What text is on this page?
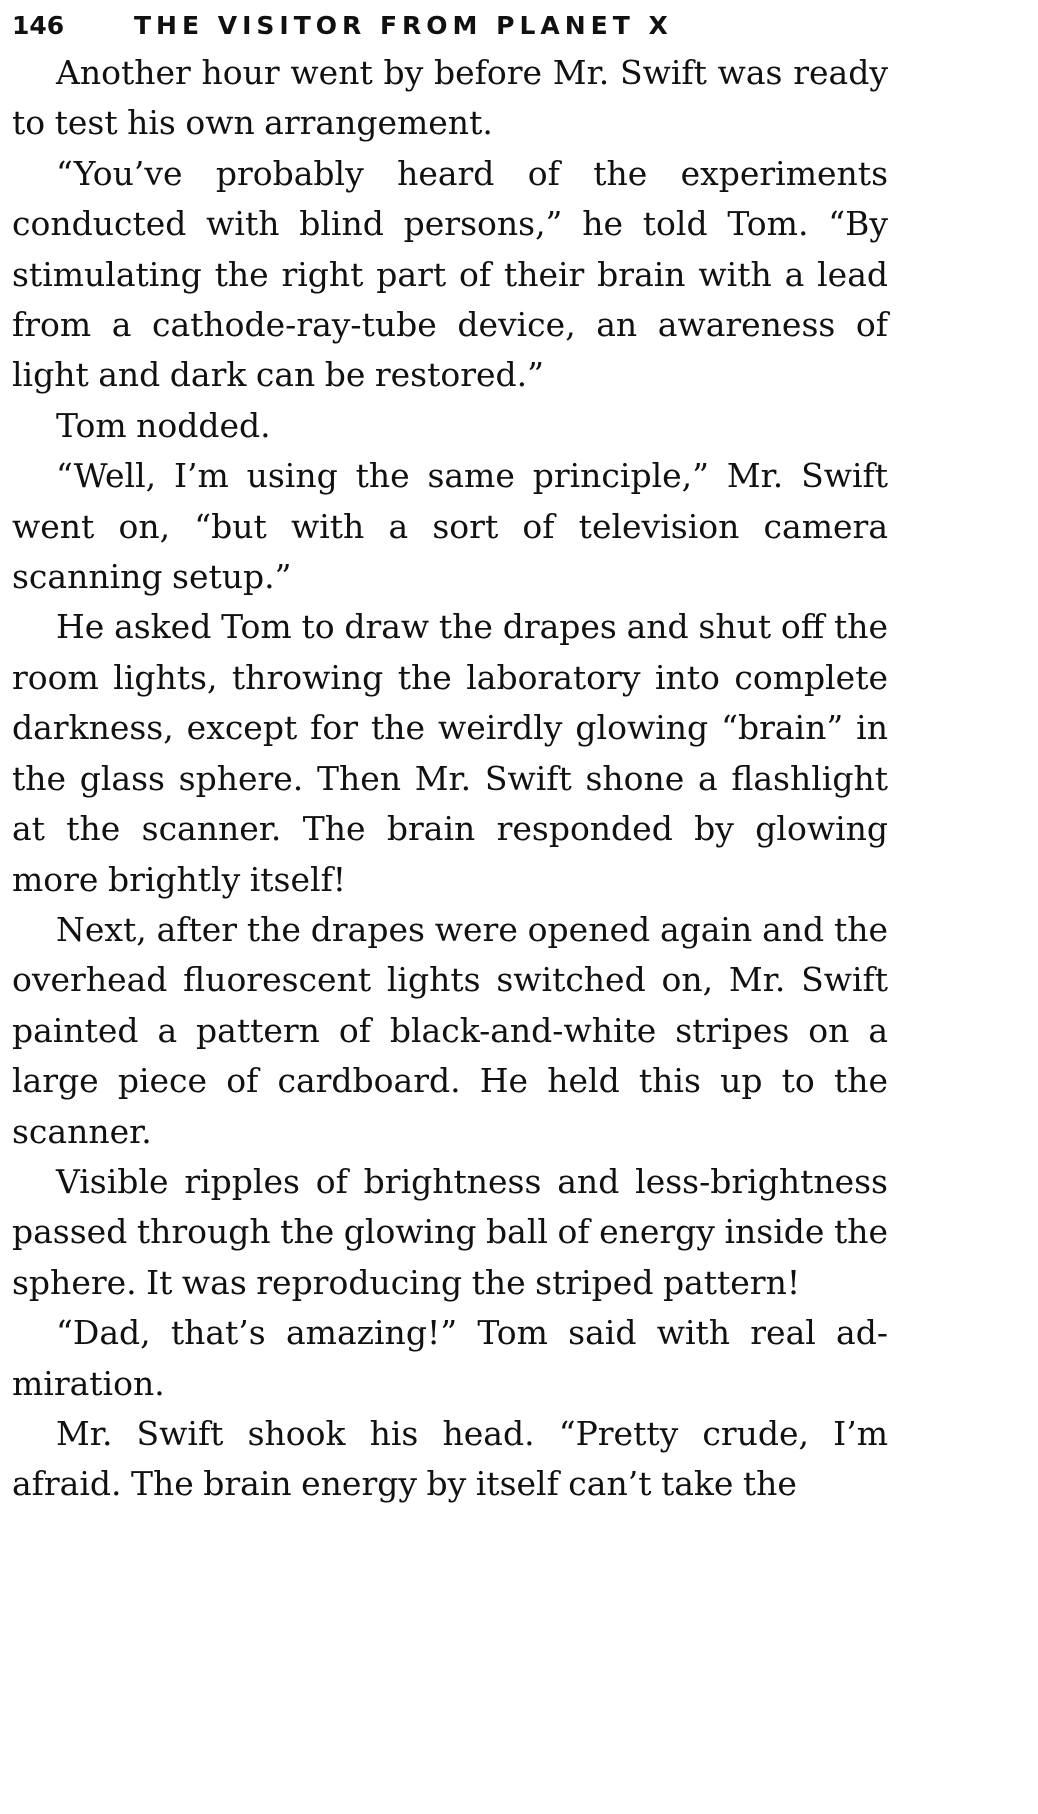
146	THE VISITOR FROM PLANET X

Another hour went by before Mr. Swift was ready to test his own arrangement.

“You’ve probably heard of the experiments conducted with blind persons,” he told Tom. “By stimulating the right part of their brain with a lead from a cathode-ray-tube device, an awareness of light and dark can be restored.”

Tom nodded.

“Well, I’m using the same principle,” Mr. Swift went on, “but with a sort of television camera scanning setup.”

He asked Tom to draw the drapes and shut off the room lights, throwing the laboratory into complete darkness, except for the weirdly glowing “brain” in the glass sphere. Then Mr. Swift shone a flashlight at the scanner. The brain responded by glowing more brightly itself!

Next, after the drapes were opened again and the overhead fluorescent lights switched on, Mr. Swift painted a pattern of black-and-white stripes on a large piece of cardboard. He held this up to the scanner.

Visible ripples of brightness and less-brightness passed through the glowing ball of energy inside the sphere. It was reproducing the striped pattern!

“Dad, that’s amazing!” Tom said with real admiration.

Mr. Swift shook his head. “Pretty crude, I’m afraid. The brain energy by itself can’t take the
